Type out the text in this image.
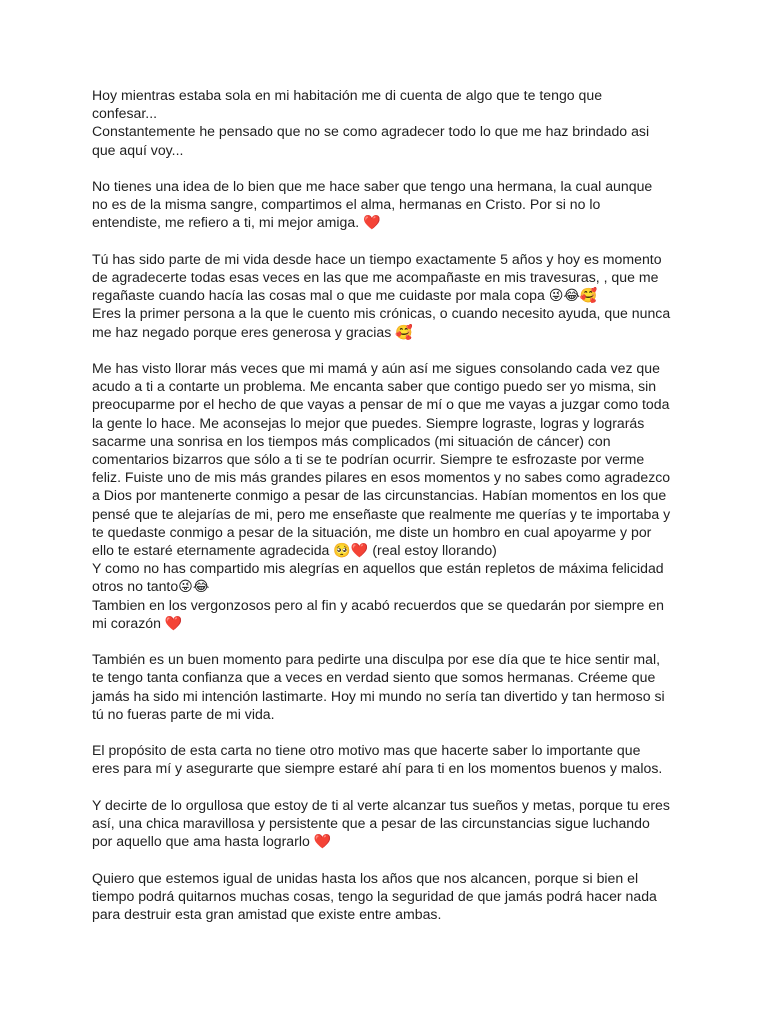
Hoy mientras estaba sola en mi habitación me di cuenta de algo que te tengo que
confesar...
Constantemente he pensado que no se como agradecer todo lo que me haz brindado asi
que aquí voy...
No tienes una idea de lo bien que me hace saber que tengo una hermana, la cual aunque
no es de la misma sangre, compartimos el alma, hermanas en Cristo. Por si no lo
entendiste, me refiero a ti, mi mejor amiga. ❤️
Tú has sido parte de mi vida desde hace un tiempo exactamente 5 años y hoy es momento
de agradecerte todas esas veces en las que me acompañaste en mis travesuras, , que me
regañaste cuando hacía las cosas mal o que me cuidaste por mala copa 😜😂🥰
Eres la primer persona a la que le cuento mis crónicas, o cuando necesito ayuda, que nunca
me haz negado porque eres generosa y gracias 🥰
Me has visto llorar más veces que mi mamá y aún así me sigues consolando cada vez que
acudo a ti a contarte un problema. Me encanta saber que contigo puedo ser yo misma, sin
preocuparme por el hecho de que vayas a pensar de mí o que me vayas a juzgar como toda
la gente lo hace. Me aconsejas lo mejor que puedes. Siempre lograste, logras y lograrás
sacarme una sonrisa en los tiempos más complicados (mi situación de cáncer) con
comentarios bizarros que sólo a ti se te podrían ocurrir. Siempre te esfrozaste por verme
feliz. Fuiste uno de mis más grandes pilares en esos momentos y no sabes como agradezco
a Dios por mantenerte conmigo a pesar de las circunstancias. Habían momentos en los que
pensé que te alejarías de mi, pero me enseñaste que realmente me querías y te importaba y
te quedaste conmigo a pesar de la situación, me diste un hombro en cual apoyarme y por
ello te estaré eternamente agradecida 🥺❤️ (real estoy llorando)
Y como no has compartido mis alegrías en aquellos que están repletos de máxima felicidad
otros no tanto😜😂
Tambien en los vergonzosos pero al fin y acabó recuerdos que se quedarán por siempre en
mi corazón ❤️
También es un buen momento para pedirte una disculpa por ese día que te hice sentir mal,
te tengo tanta confianza que a veces en verdad siento que somos hermanas. Créeme que
jamás ha sido mi intención lastimarte. Hoy mi mundo no sería tan divertido y tan hermoso si
tú no fueras parte de mi vida.
El propósito de esta carta no tiene otro motivo mas que hacerte saber lo importante que
eres para mí y asegurarte que siempre estaré ahí para ti en los momentos buenos y malos.
Y decirte de lo orgullosa que estoy de ti al verte alcanzar tus sueños y metas, porque tu eres
así, una chica maravillosa y persistente que a pesar de las circunstancias sigue luchando
por aquello que ama hasta lograrlo ❤️
Quiero que estemos igual de unidas hasta los años que nos alcancen, porque si bien el
tiempo podrá quitarnos muchas cosas, tengo la seguridad de que jamás podrá hacer nada
para destruir esta gran amistad que existe entre ambas.
